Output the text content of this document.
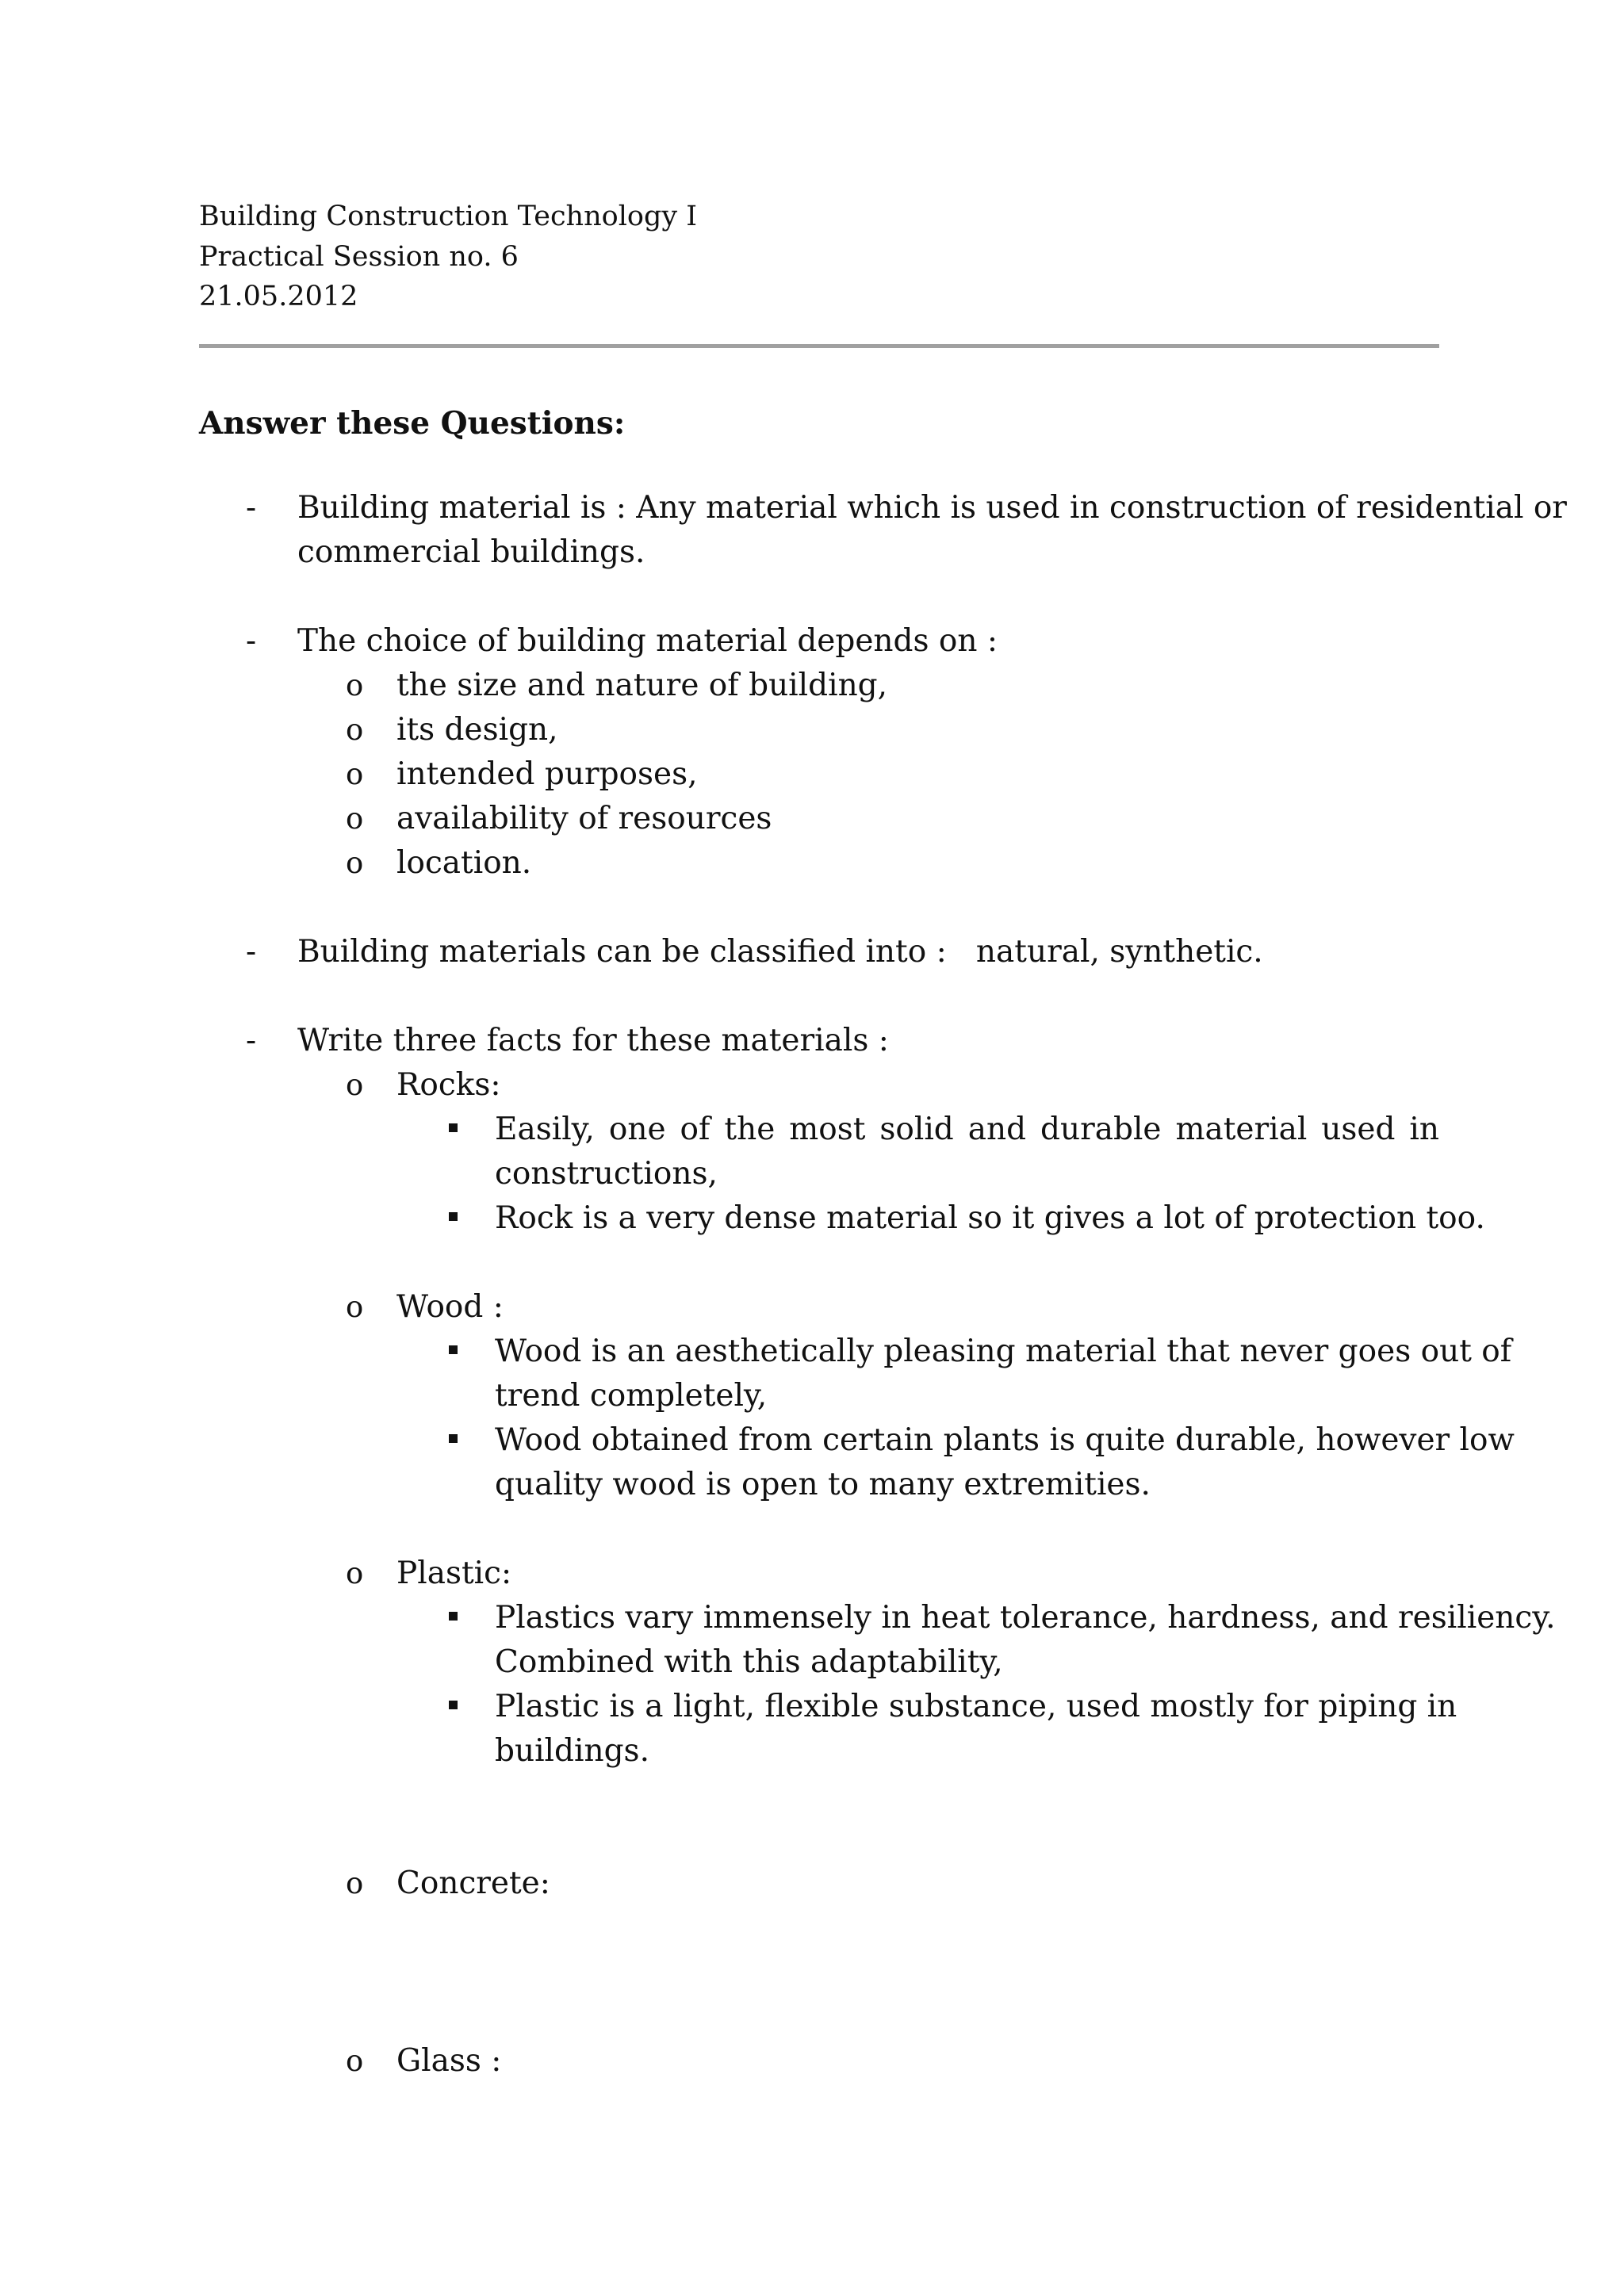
Building Construction Technology I
Practical Session no. 6
21.05.2012
Answer these Questions:
- Building material is : Any material which is used in construction of residential or
commercial buildings.
- The choice of building material depends on :
o the size and nature of building,
o its design,
o intended purposes,
o availability of resources
o location.
- Building materials can be classified into :   natural, synthetic.
- Write three facts for these materials :
o Rocks:
Easily, one of the most solid and durable material used in
constructions,
Rock is a very dense material so it gives a lot of protection too.
o Wood :
Wood is an aesthetically pleasing material that never goes out of
trend completely,
Wood obtained from certain plants is quite durable, however low
quality wood is open to many extremities.
o Plastic:
Plastics vary immensely in heat tolerance, hardness, and resiliency.
Combined with this adaptability,
Plastic is a light, flexible substance, used mostly for piping in
buildings.
o Concrete:
o Glass :
